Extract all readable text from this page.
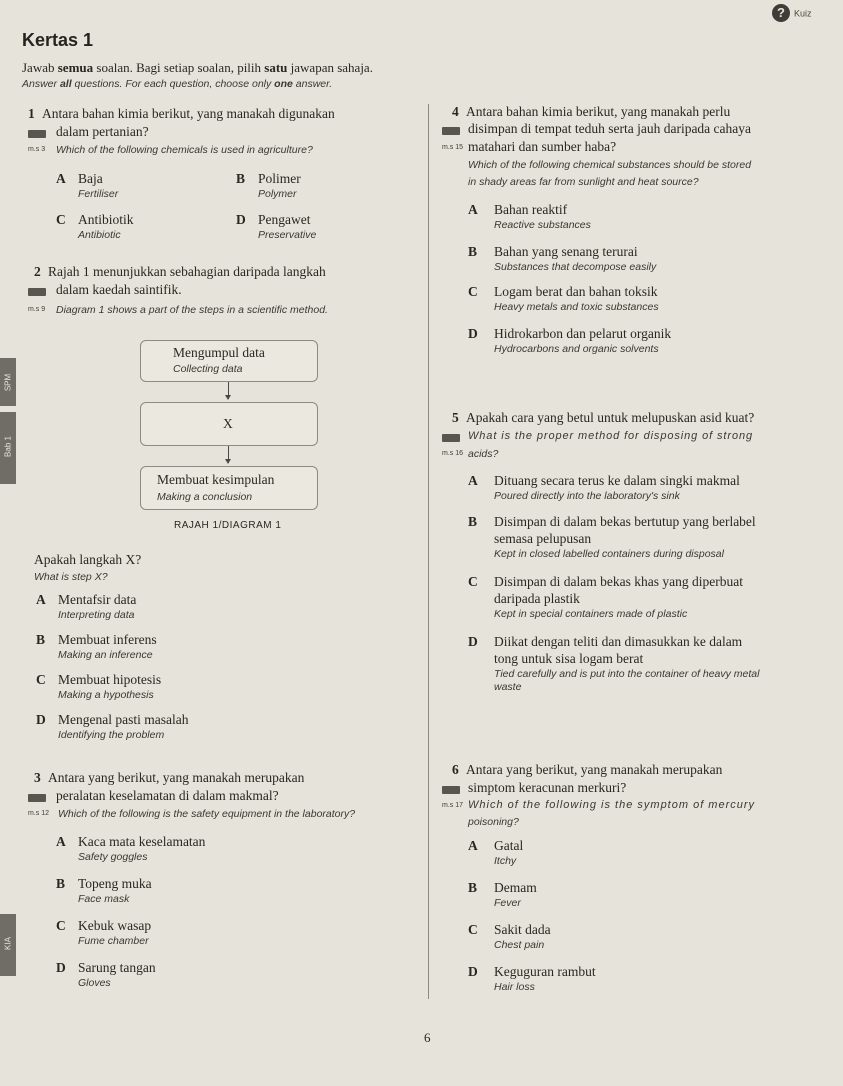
? Kuiz
Kertas 1
Jawab semua soalan. Bagi setiap soalan, pilih satu jawapan sahaja.
Answer all questions. For each question, choose only one answer.
SPM
Bab 1
KIA
1 Antara bahan kimia berikut, yang manakah digunakan
dalam pertanian?
m.s 3 Which of the following chemicals is used in agriculture?
A Baja
Fertiliser
B Polimer
Polymer
C Antibiotik
Antibiotic
D Pengawet
Preservative
2 Rajah 1 menunjukkan sebahagian daripada langkah
dalam kaedah saintifik.
m.s 9 Diagram 1 shows a part of the steps in a scientific method.
Mengumpul data
Collecting data
X
Membuat kesimpulan
Making a conclusion
RAJAH 1/DIAGRAM 1
Apakah langkah X?
What is step X?
A Mentafsir data
Interpreting data
B Membuat inferens
Making an inference
C Membuat hipotesis
Making a hypothesis
D Mengenal pasti masalah
Identifying the problem
3 Antara yang berikut, yang manakah merupakan
peralatan keselamatan di dalam makmal?
m.s 12 Which of the following is the safety equipment in the laboratory?
A Kaca mata keselamatan
Safety goggles
B Topeng muka
Face mask
C Kebuk wasap
Fume chamber
D Sarung tangan
Gloves
4 Antara bahan kimia berikut, yang manakah perlu
disimpan di tempat teduh serta jauh daripada cahaya
m.s 15 matahari dan sumber haba?
Which of the following chemical substances should be stored
in shady areas far from sunlight and heat source?
A Bahan reaktif
Reactive substances
B Bahan yang senang terurai
Substances that decompose easily
C Logam berat dan bahan toksik
Heavy metals and toxic substances
D Hidrokarbon dan pelarut organik
Hydrocarbons and organic solvents
5 Apakah cara yang betul untuk melupuskan asid kuat?
What is the proper method for disposing of strong
m.s 16 acids?
A Dituang secara terus ke dalam singki makmal
Poured directly into the laboratory's sink
B Disimpan di dalam bekas bertutup yang berlabel
semasa pelupusan
Kept in closed labelled containers during disposal
C Disimpan di dalam bekas khas yang diperbuat
daripada plastik
Kept in special containers made of plastic
D Diikat dengan teliti dan dimasukkan ke dalam
tong untuk sisa logam berat
Tied carefully and is put into the container of heavy metal
waste
6 Antara yang berikut, yang manakah merupakan
simptom keracunan merkuri?
m.s 17 Which of the following is the symptom of mercury
poisoning?
A Gatal
Itchy
B Demam
Fever
C Sakit dada
Chest pain
D Keguguran rambut
Hair loss
6
